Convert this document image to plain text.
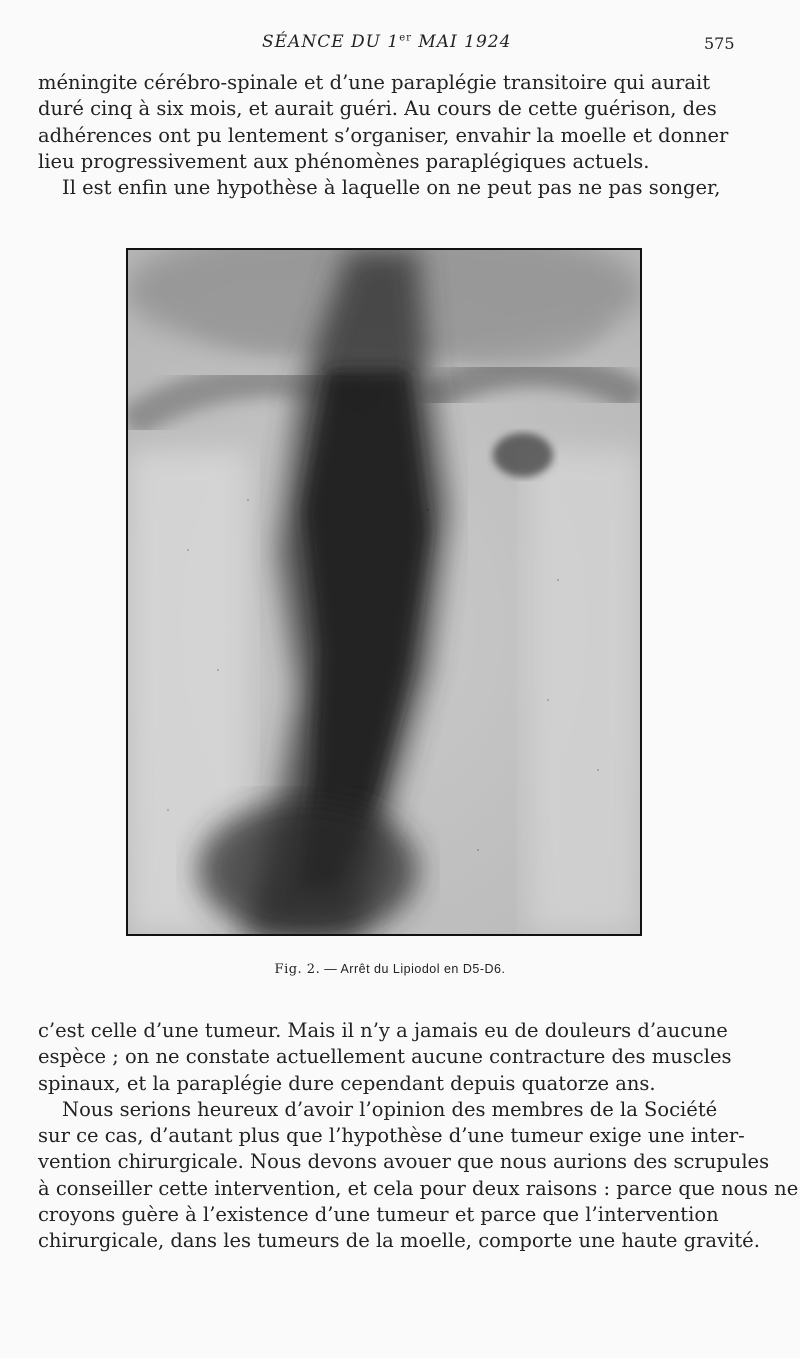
SÉANCE DU 1er MAI 1924	575
méningite cérébro-spinale et d’une paraplégie transitoire qui aurait
duré cinq à six mois, et aurait guéri. Au cours de cette guérison, des
adhérences ont pu lentement s’organiser, envahir la moelle et donner
lieu progressivement aux phénomènes paraplégiques actuels.
Il est enfin une hypothèse à laquelle on ne peut pas ne pas songer,
Fig. 2. — Arrêt du Lipiodol en D5-D6.
c’est celle d’une tumeur. Mais il n’y a jamais eu de douleurs d’aucune
espèce ; on ne constate actuellement aucune contracture des muscles
spinaux, et la paraplégie dure cependant depuis quatorze ans.
Nous serions heureux d’avoir l’opinion des membres de la Société
sur ce cas, d’autant plus que l’hypothèse d’une tumeur exige une inter-
vention chirurgicale. Nous devons avouer que nous aurions des scrupules
à conseiller cette intervention, et cela pour deux raisons : parce que nous ne
croyons guère à l’existence d’une tumeur et parce que l’intervention
chirurgicale, dans les tumeurs de la moelle, comporte une haute gravité.
